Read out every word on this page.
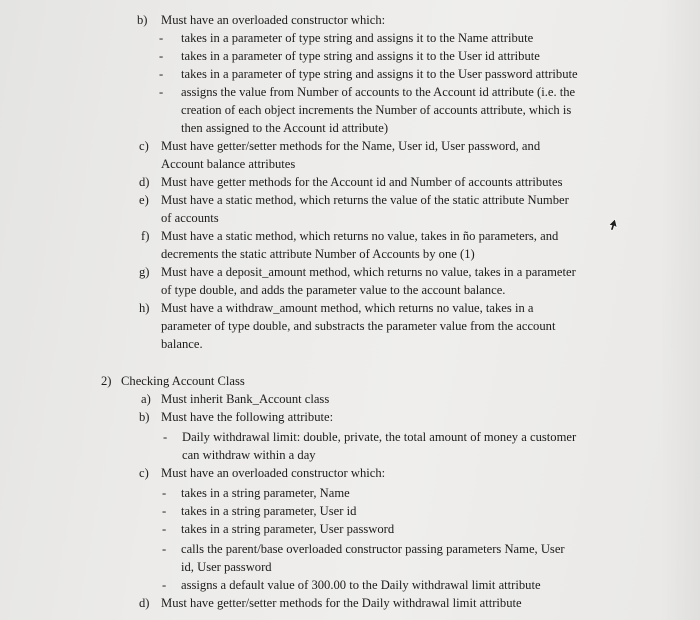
b) Must have an overloaded constructor which:
- takes in a parameter of type string and assigns it to the Name attribute
- takes in a parameter of type string and assigns it to the User id attribute
- takes in a parameter of type string and assigns it to the User password attribute
- assigns the value from Number of accounts to the Account id attribute (i.e. the
creation of each object increments the Number of accounts attribute, which is
then assigned to the Account id attribute)
c) Must have getter/setter methods for the Name, User id, User password, and
Account balance attributes
d) Must have getter methods for the Account id and Number of accounts attributes
e) Must have a static method, which returns the value of the static attribute Number
of accounts
f) Must have a static method, which returns no value, takes in ño parameters, and
decrements the static attribute Number of Accounts by one (1)
g) Must have a deposit_amount method, which returns no value, takes in a parameter
of type double, and adds the parameter value to the account balance.
h) Must have a withdraw_amount method, which returns no value, takes in a
parameter of type double, and substracts the parameter value from the account
balance.
2) Checking Account Class
a) Must inherit Bank_Account class
b) Must have the following attribute:
- Daily withdrawal limit: double, private, the total amount of money a customer
can withdraw within a day
c) Must have an overloaded constructor which:
- takes in a string parameter, Name
- takes in a string parameter, User id
- takes in a string parameter, User password
- calls the parent/base overloaded constructor passing parameters Name, User
id, User password
- assigns a default value of 300.00 to the Daily withdrawal limit attribute
d) Must have getter/setter methods for the Daily withdrawal limit attribute
